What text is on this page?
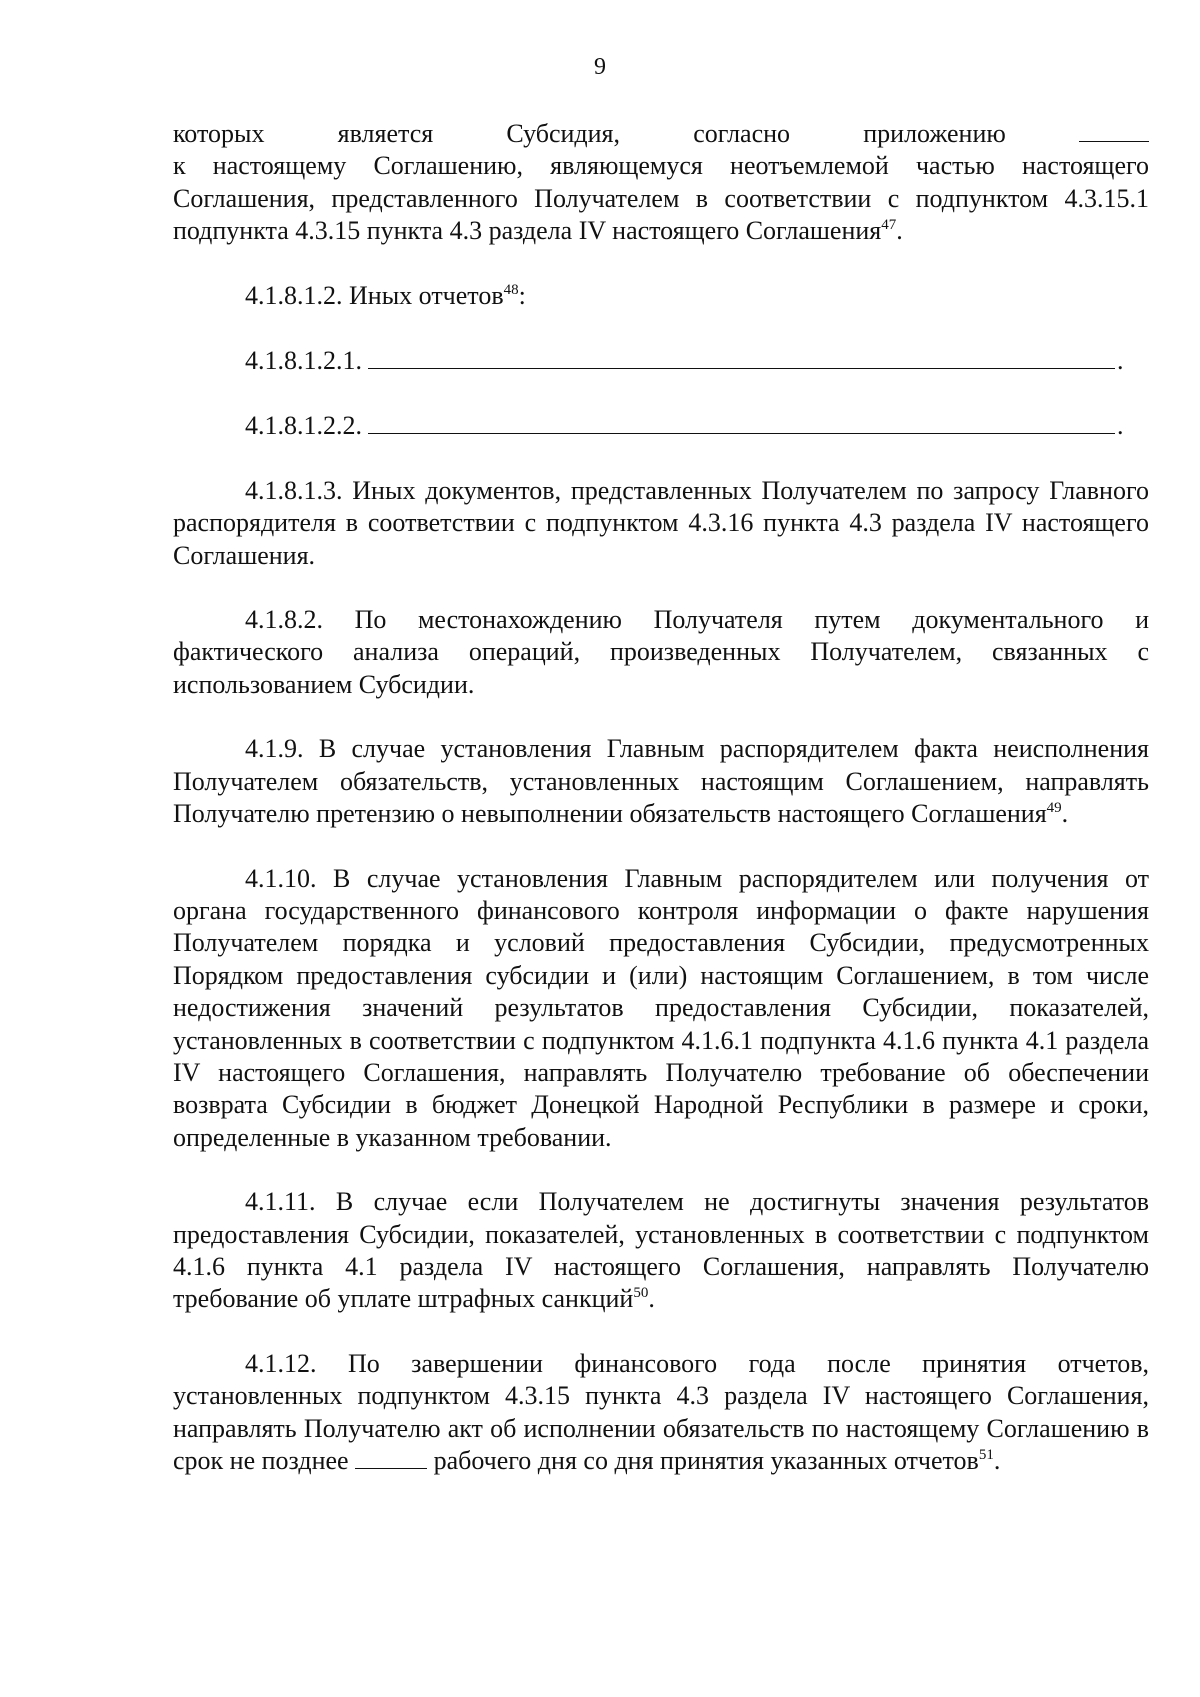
9
которых является Субсидия, согласно приложению

к настоящему Соглашению, являющемуся неотъемлемой частью настоящего Соглашения, представленного Получателем в соответствии с подпунктом 4.3.15.1 подпункта 4.3.15 пункта 4.3 раздела IV настоящего Соглашения$^{47}$.

4.1.8.1.2. Иных отчетов$^{48}$:

4.1.8.1.2.1.	.
4.1.8.1.2.2.	.

4.1.8.1.3. Иных документов, представленных Получателем по запросу Главного распорядителя в соответствии с подпунктом 4.3.16 пункта 4.3 раздела IV настоящего Соглашения.

4.1.8.2. По местонахождению Получателя путем документального и фактического анализа операций, произведенных Получателем, связанных с использованием Субсидии.

4.1.9. В случае установления Главным распорядителем факта неисполнения Получателем обязательств, установленных настоящим Соглашением, направлять Получателю претензию о невыполнении обязательств настоящего Соглашения$^{49}$.

4.1.10. В случае установления Главным распорядителем или получения от органа государственного финансового контроля информации о факте нарушения Получателем порядка и условий предоставления Субсидии, предусмотренных Порядком предоставления субсидии и (или) настоящим Соглашением, в том числе недостижения значений результатов предоставления Субсидии, показателей, установленных в соответствии с подпунктом 4.1.6.1 подпункта 4.1.6 пункта 4.1 раздела IV настоящего Соглашения, направлять Получателю требование об обеспечении возврата Субсидии в бюджет Донецкой Народной Республики в размере и сроки, определенные в указанном требовании.

4.1.11. В случае если Получателем не достигнуты значения результатов предоставления Субсидии, показателей, установленных в соответствии с подпунктом 4.1.6 пункта 4.1 раздела IV настоящего Соглашения, направлять Получателю требование об уплате штрафных санкций$^{50}$.

4.1.12. По завершении финансового года после принятия отчетов, установленных подпунктом 4.3.15 пункта 4.3 раздела IV настоящего Соглашения, направлять Получателю акт об исполнении обязательств по настоящему Соглашению в срок не позднее	рабочего дня со дня принятия указанных отчетов$^{51}$.
